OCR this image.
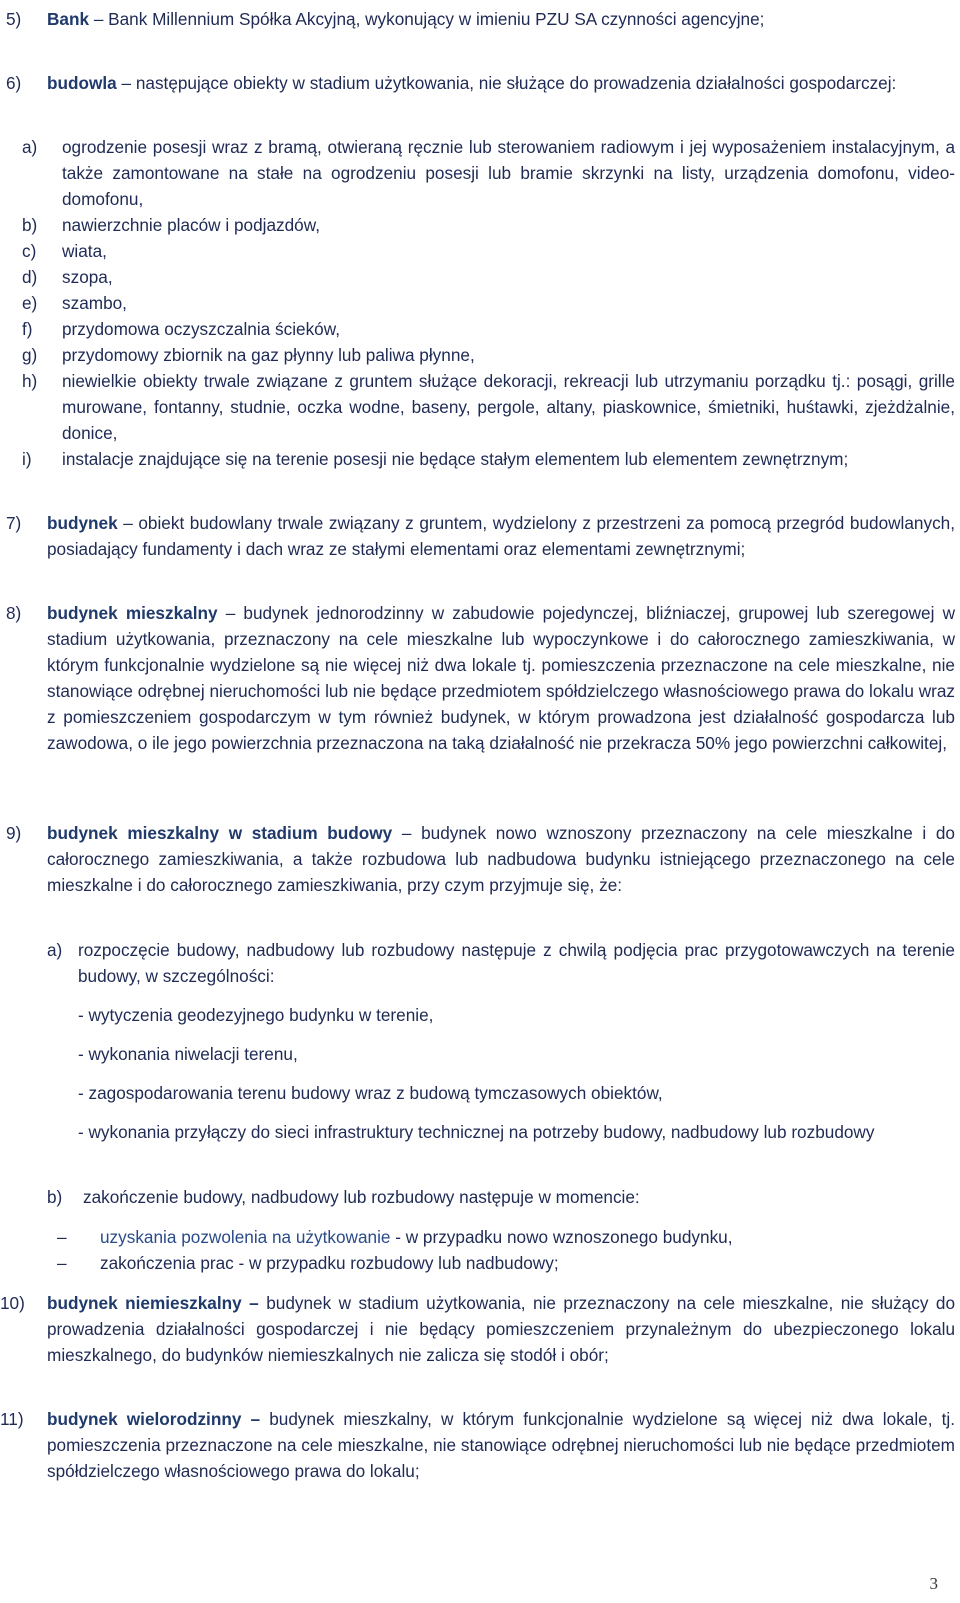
5) Bank – Bank Millennium Spółka Akcyjną, wykonujący w imieniu PZU SA czynności agencyjne;
6) budowla – następujące obiekty w stadium użytkowania, nie służące do prowadzenia działalności gospodarczej:
a) ogrodzenie posesji wraz z bramą, otwieraną ręcznie lub sterowaniem radiowym i jej wyposażeniem instalacyjnym, a także zamontowane na stałe na ogrodzeniu posesji lub bramie skrzynki na listy, urządzenia domofonu, video-domofonu,
b) nawierzchnie placów i podjazdów,
c) wiata,
d) szopa,
e) szambo,
f) przydomowa oczyszczalnia ścieków,
g) przydomowy zbiornik na gaz płynny lub paliwa płynne,
h) niewielkie obiekty trwale związane z gruntem służące dekoracji, rekreacji lub utrzymaniu porządku tj.: posągi, grille murowane, fontanny, studnie, oczka wodne, baseny, pergole, altany, piaskownice, śmietniki, huśtawki, zjeżdżalnie, donice,
i) instalacje znajdujące się na terenie posesji nie będące stałym elementem lub elementem zewnętrznym;
7) budynek – obiekt budowlany trwale związany z gruntem, wydzielony z przestrzeni za pomocą przegród budowlanych, posiadający fundamenty i dach wraz ze stałymi elementami oraz elementami zewnętrznymi;
8) budynek mieszkalny – budynek jednorodzinny w zabudowie pojedynczej, bliźniaczej, grupowej lub szeregowej w stadium użytkowania, przeznaczony na cele mieszkalne lub wypoczynkowe i do całorocznego zamieszkiwania, w którym funkcjonalnie wydzielone są nie więcej niż dwa lokale tj. pomieszczenia przeznaczone na cele mieszkalne, nie stanowiące odrębnej nieruchomości lub nie będące przedmiotem spółdzielczego własnościowego prawa do lokalu wraz z pomieszczeniem gospodarczym w tym również budynek, w którym prowadzona jest działalność gospodarcza lub zawodowa, o ile jego powierzchnia przeznaczona na taką działalność nie przekracza 50% jego powierzchni całkowitej,
9) budynek mieszkalny w stadium budowy – budynek nowo wznoszony przeznaczony na cele mieszkalne i do całorocznego zamieszkiwania, a także rozbudowa lub nadbudowa budynku istniejącego przeznaczonego na cele mieszkalne i do całorocznego zamieszkiwania, przy czym przyjmuje się, że:
a) rozpoczęcie budowy, nadbudowy lub rozbudowy następuje z chwilą podjęcia prac przygotowawczych na terenie budowy, w szczególności:
- wytyczenia geodezyjnego budynku w terenie,
- wykonania niwelacji terenu,
- zagospodarowania terenu budowy wraz z budową tymczasowych obiektów,
- wykonania przyłączy do sieci infrastruktury technicznej na potrzeby budowy, nadbudowy lub rozbudowy
b) zakończenie budowy, nadbudowy lub rozbudowy następuje w momencie:
– uzyskania pozwolenia na użytkowanie - w przypadku nowo wznoszonego budynku,
– zakończenia prac - w przypadku rozbudowy lub nadbudowy;
10) budynek niemieszkalny – budynek w stadium użytkowania, nie przeznaczony na cele mieszkalne, nie służący do prowadzenia działalności gospodarczej i nie będący pomieszczeniem przynależnym do ubezpieczonego lokalu mieszkalnego, do budynków niemieszkalnych nie zalicza się stodół i obór;
11) budynek wielorodzinny – budynek mieszkalny, w którym funkcjonalnie wydzielone są więcej niż dwa lokale, tj. pomieszczenia przeznaczone na cele mieszkalne, nie stanowiące odrębnej nieruchomości lub nie będące przedmiotem spółdzielczego własnościowego prawa do lokalu;
3
